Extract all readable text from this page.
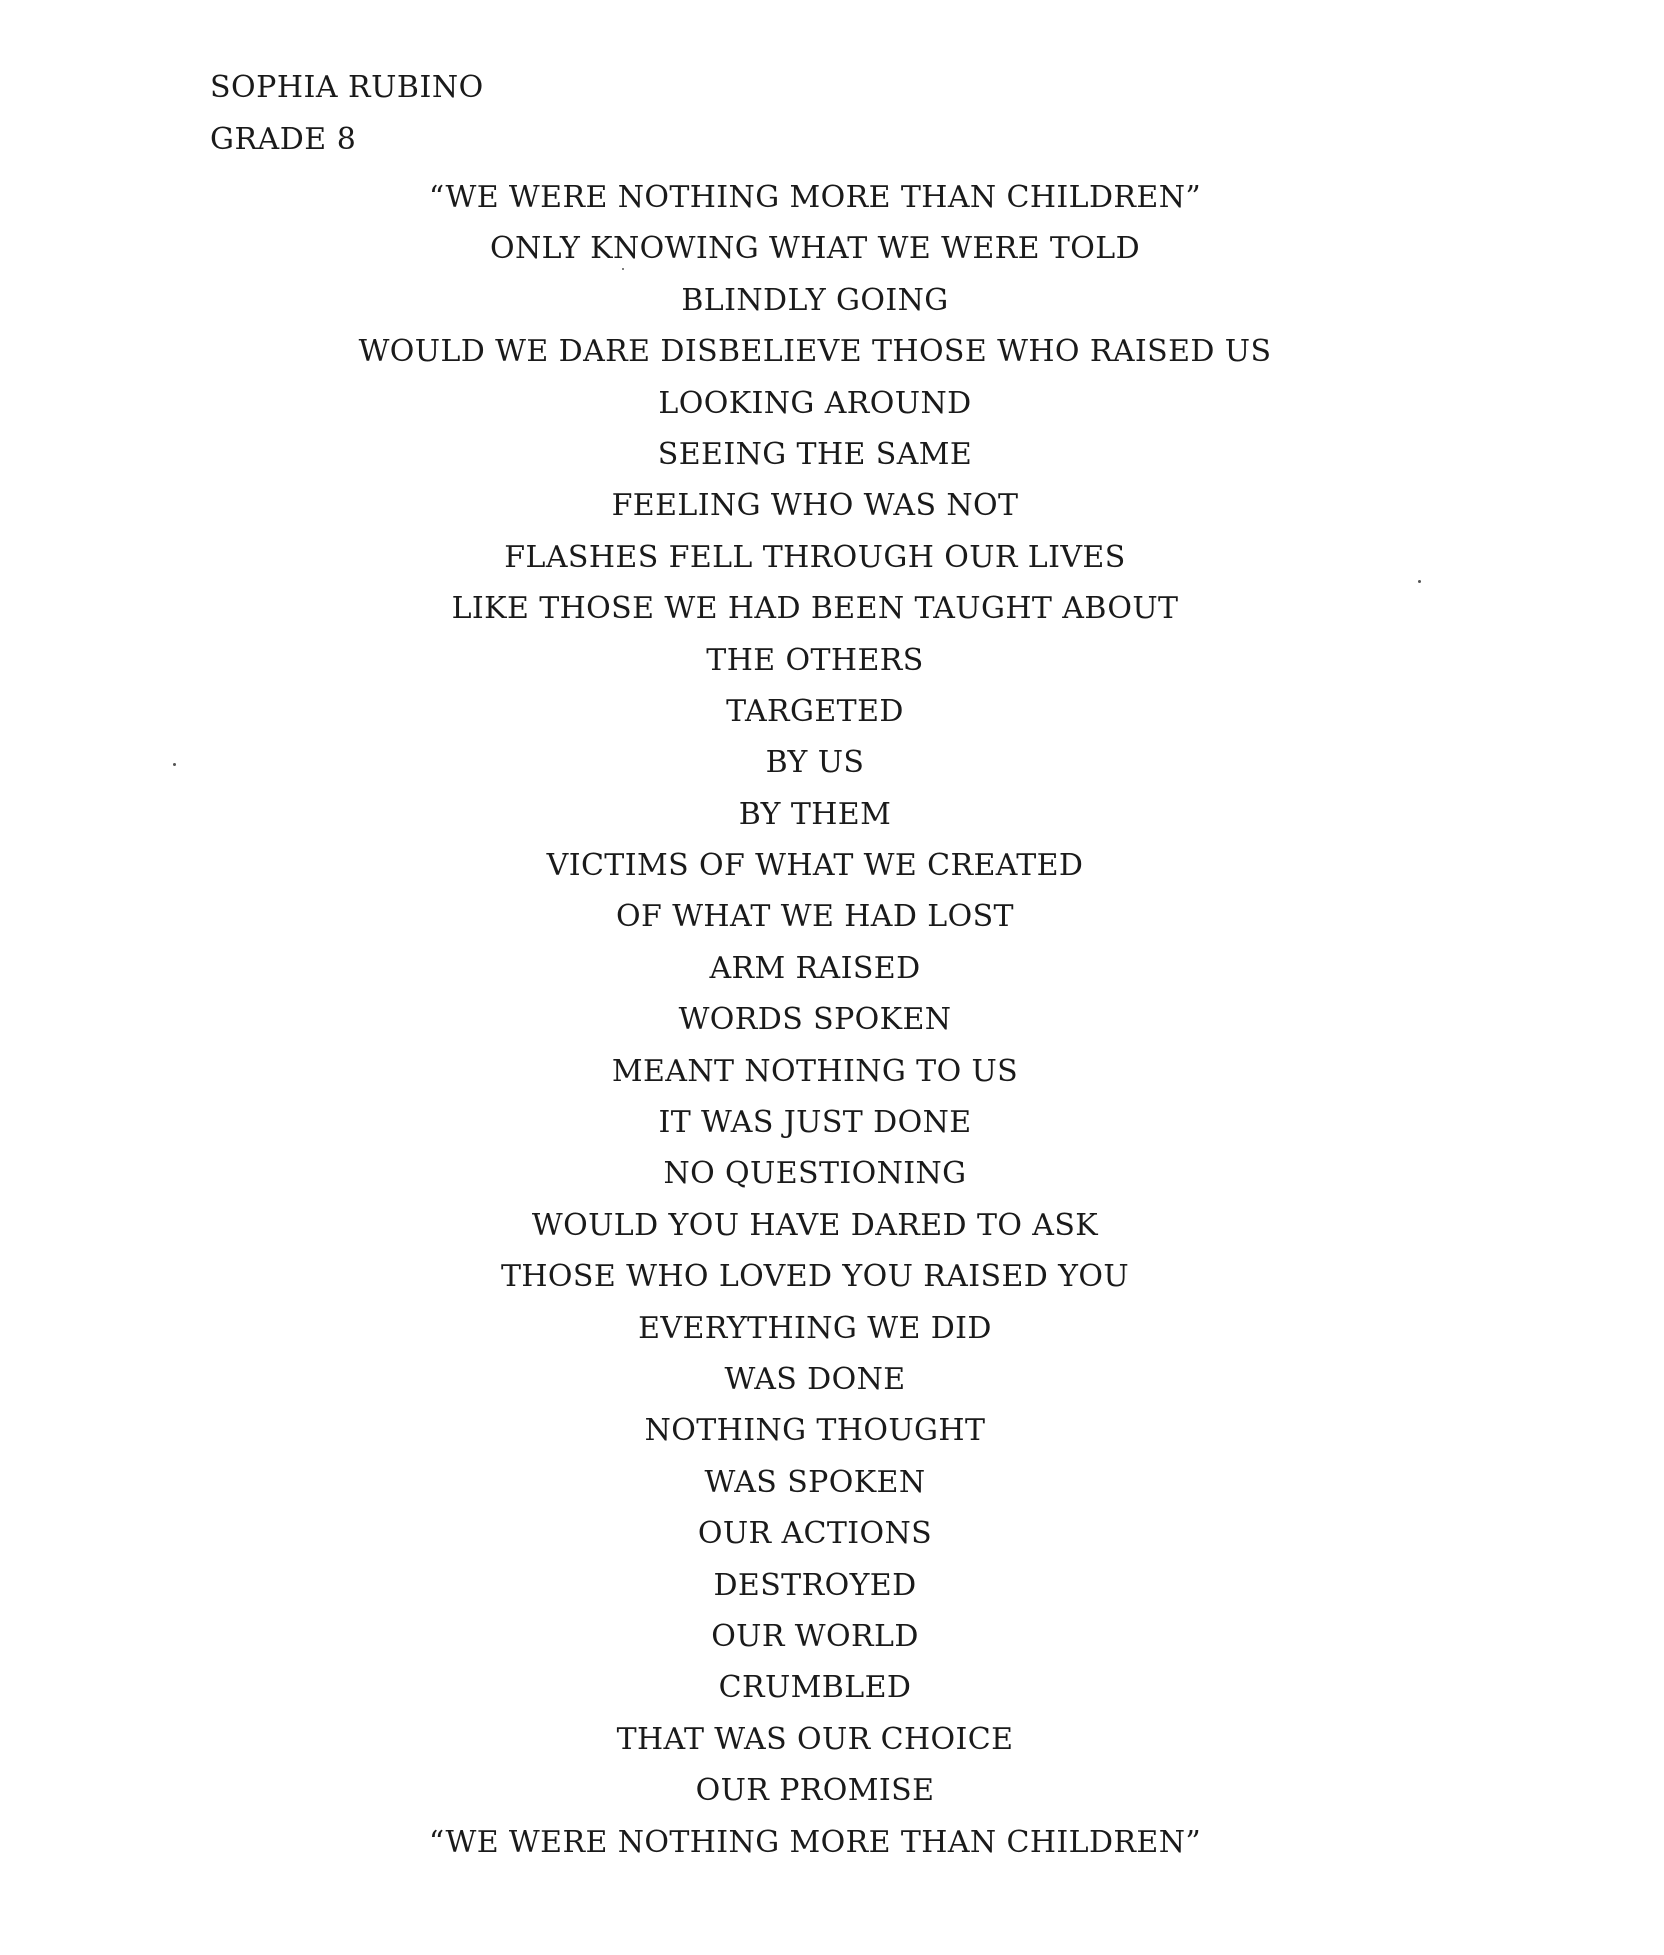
SOPHIA RUBINO
GRADE 8
“WE WERE NOTHING MORE THAN CHILDREN”
ONLY KNOWING WHAT WE WERE TOLD
BLINDLY GOING
WOULD WE DARE DISBELIEVE THOSE WHO RAISED US
LOOKING AROUND
SEEING THE SAME
FEELING WHO WAS NOT
FLASHES FELL THROUGH OUR LIVES
LIKE THOSE WE HAD BEEN TAUGHT ABOUT
THE OTHERS
TARGETED
BY US
BY THEM
VICTIMS OF WHAT WE CREATED
OF WHAT WE HAD LOST
ARM RAISED
WORDS SPOKEN
MEANT NOTHING TO US
IT WAS JUST DONE
NO QUESTIONING
WOULD YOU HAVE DARED TO ASK
THOSE WHO LOVED YOU RAISED YOU
EVERYTHING WE DID
WAS DONE
NOTHING THOUGHT
WAS SPOKEN
OUR ACTIONS
DESTROYED
OUR WORLD
CRUMBLED
THAT WAS OUR CHOICE
OUR PROMISE
“WE WERE NOTHING MORE THAN CHILDREN”
